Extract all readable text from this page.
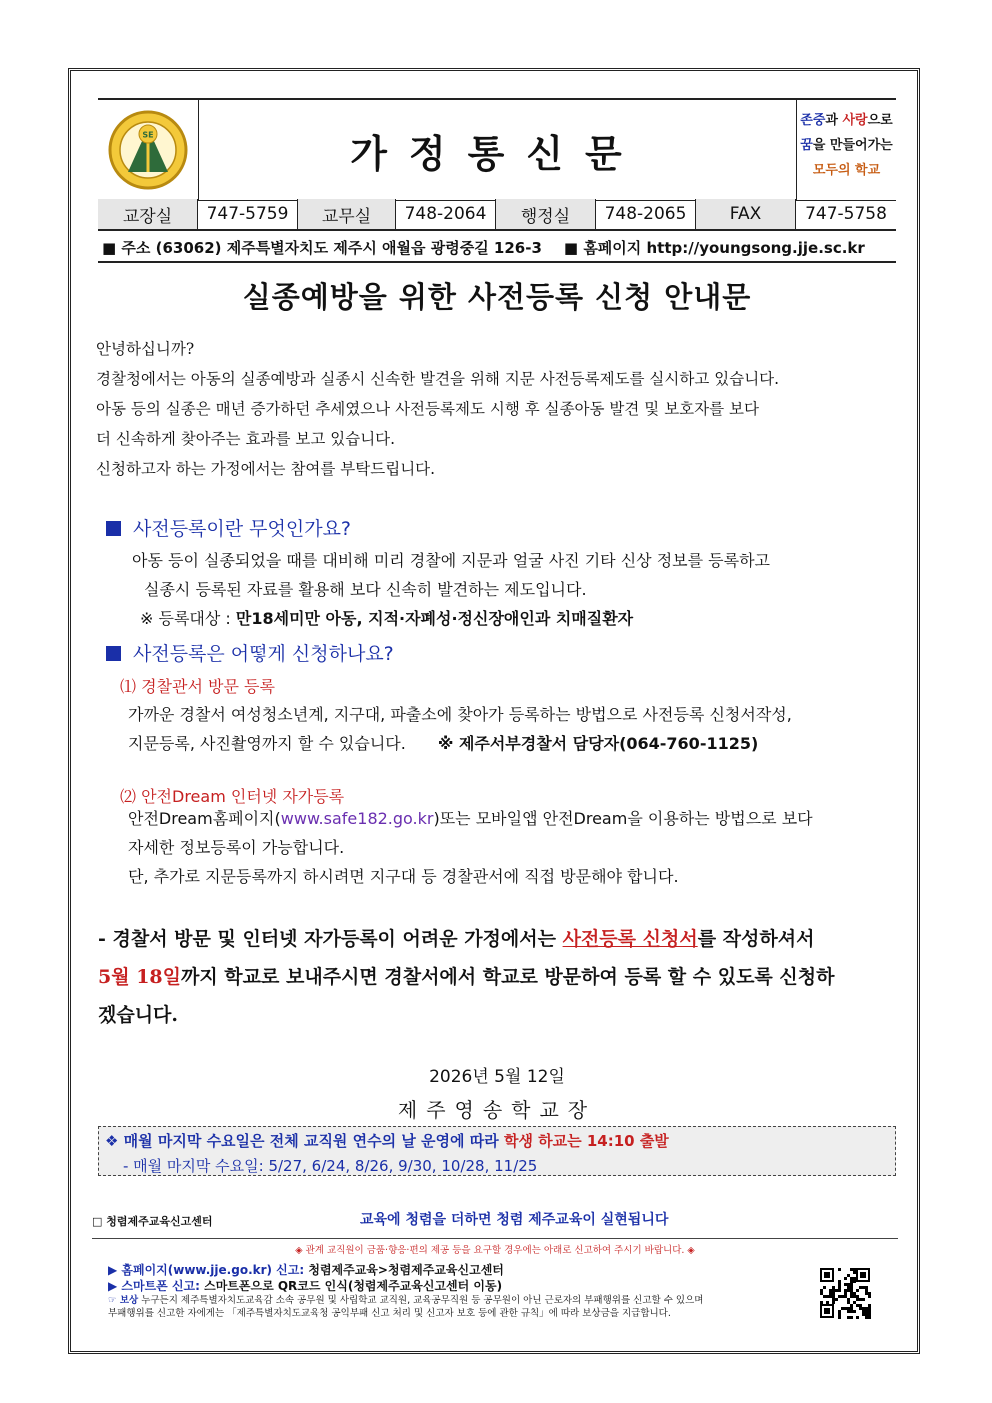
SE	가정통신문
존중과 사랑으로
꿈을 만들어가는
모두의 학교
교장실	747-5759	교무실	748-2064	행정실	748-2065	FAX	747-5758
■ 주소 (63062) 제주특별자치도 제주시 애월읍 광령중길 126-3 ■ 홈페이지 http://youngsong.jje.sc.kr
실종예방을 위한 사전등록 신청 안내문
안녕하십니까?
경찰청에서는 아동의 실종예방과 실종시 신속한 발견을 위해 지문 사전등록제도를 실시하고 있습니다.
아동 등의 실종은 매년 증가하던 추세였으나 사전등록제도 시행 후 실종아동 발견 및 보호자를 보다
더 신속하게 찾아주는 효과를 보고 있습니다.
신청하고자 하는 가정에서는 참여를 부탁드립니다.
사전등록이란 무엇인가요?
아동 등이 실종되었을 때를 대비해 미리 경찰에 지문과 얼굴 사진 기타 신상 정보를 등록하고
실종시 등록된 자료를 활용해 보다 신속히 발견하는 제도입니다.
※ 등록대상 : 만18세미만 아동, 지적·자폐성·정신장애인과 치매질환자
사전등록은 어떻게 신청하나요?
⑴ 경찰관서 방문 등록
가까운 경찰서 여성청소년계, 지구대, 파출소에 찾아가 등록하는 방법으로 사전등록 신청서작성,
지문등록, 사진촬영까지 할 수 있습니다. ※ 제주서부경찰서 담당자(064-760-1125)
⑵ 안전Dream 인터넷 자가등록
안전Dream홈페이지(www.safe182.go.kr)또는 모바일앱 안전Dream을 이용하는 방법으로 보다
자세한 정보등록이 가능합니다.
단, 추가로 지문등록까지 하시려면 지구대 등 경찰관서에 직접 방문해야 합니다.
- 경찰서 방문 및 인터넷 자가등록이 어려운 가정에서는 사전등록 신청서를 작성하셔서
5월 18일까지 학교로 보내주시면 경찰서에서 학교로 방문하여 등록 할 수 있도록 신청하
겠습니다.
2026년 5월 12일
제주영송학교장
❖ 매월 마지막 수요일은 전체 교직원 연수의 날 운영에 따라 학생 하교는 14:10 출발
- 매월 마지막 수요일: 5/27, 6/24, 8/26, 9/30, 10/28, 11/25
□ 청렴제주교육신고센터	교육에 청렴을 더하면 청렴 제주교육이 실현됩니다
◈ 관계 교직원이 금품·향응·편의 제공 등을 요구할 경우에는 아래로 신고하여 주시기 바랍니다. ◈
▶ 홈페이지(www.jje.go.kr) 신고: 청렴제주교육>청렴제주교육신고센터
▶ 스마트폰 신고: 스마트폰으로 QR코드 인식(청렴제주교육신고센터 이동)
☞ 보상 누구든지 제주특별자치도교육감 소속 공무원 및 사립학교 교직원, 교육공무직원 등 공무원이 아닌 근로자의 부패행위를 신고할 수 있으며
부패행위를 신고한 자에게는 「제주특별자치도교육청 공익부패 신고 처리 및 신고자 보호 등에 관한 규칙」에 따라 보상금을 지급합니다.
